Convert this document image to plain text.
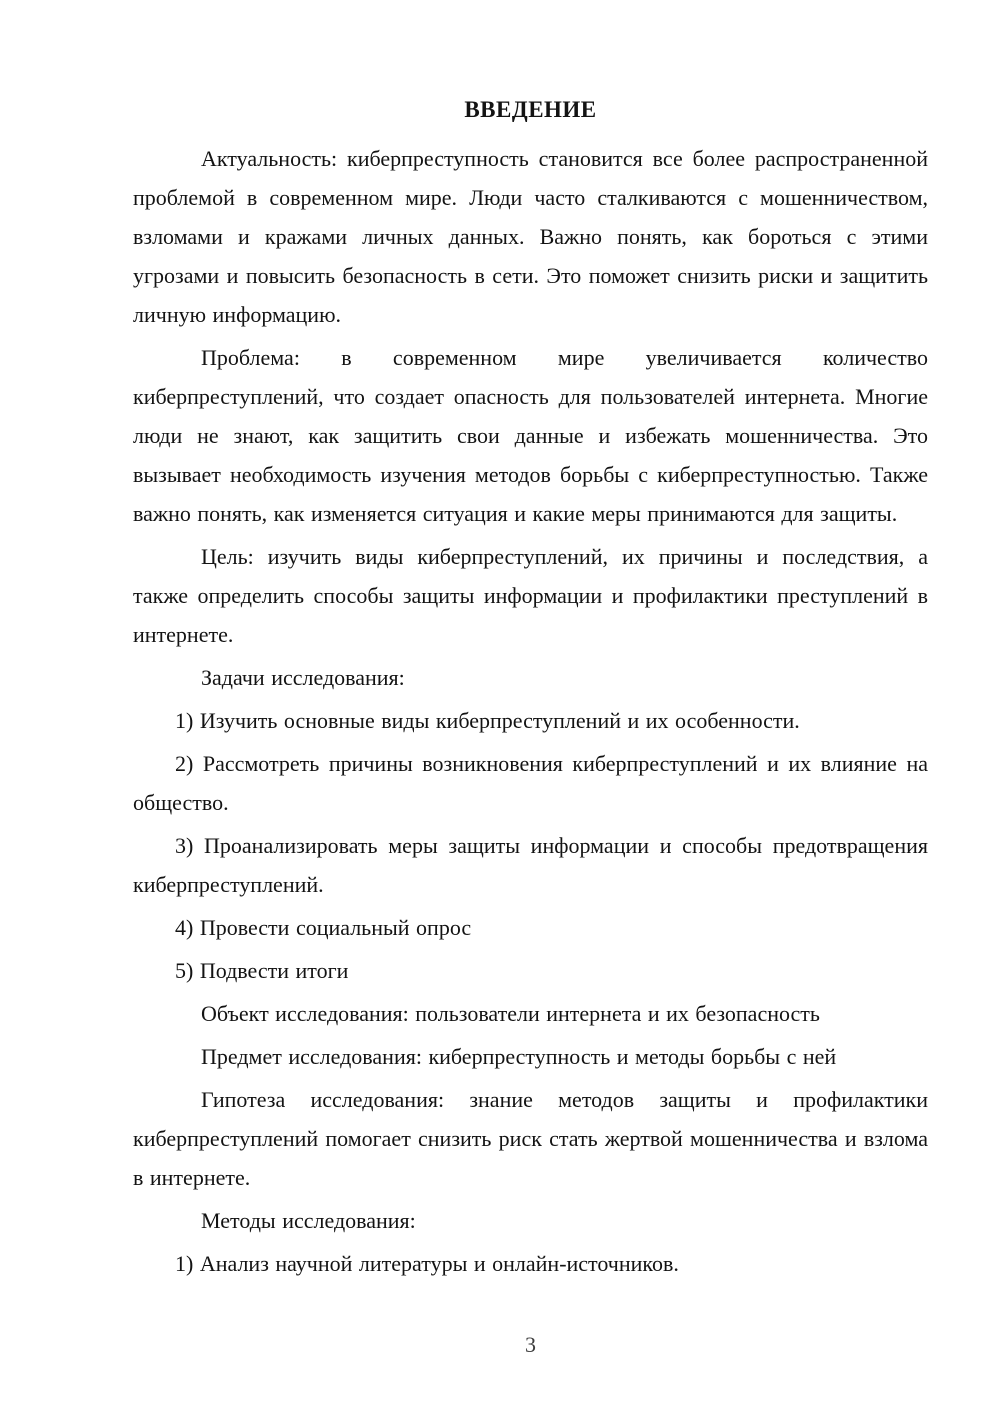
ВВЕДЕНИЕ

Актуальность: киберпреступность становится все более распространенной проблемой в современном мире. Люди часто сталкиваются с мошенничеством, взломами и кражами личных данных. Важно понять, как бороться с этими угрозами и повысить безопасность в сети. Это поможет снизить риски и защитить личную информацию.

Проблема: в современном мире увеличивается количество киберпреступлений, что создает опасность для пользователей интернета. Многие люди не знают, как защитить свои данные и избежать мошенничества. Это вызывает необходимость изучения методов борьбы с киберпреступностью. Также важно понять, как изменяется ситуация и какие меры принимаются для защиты.

Цель: изучить виды киберпреступлений, их причины и последствия, а также определить способы защиты информации и профилактики преступлений в интернете.

Задачи исследования:

1) Изучить основные виды киберпреступлений и их особенности.

2) Рассмотреть причины возникновения киберпреступлений и их влияние на общество.

3) Проанализировать меры защиты информации и способы предотвращения киберпреступлений.

4) Провести социальный опрос

5) Подвести итоги

Объект исследования: пользователи интернета и их безопасность

Предмет исследования: киберпреступность и методы борьбы с ней

Гипотеза исследования: знание методов защиты и профилактики киберпреступлений помогает снизить риск стать жертвой мошенничества и взлома в интернете.

Методы исследования:

1) Анализ научной литературы и онлайн-источников.

3
